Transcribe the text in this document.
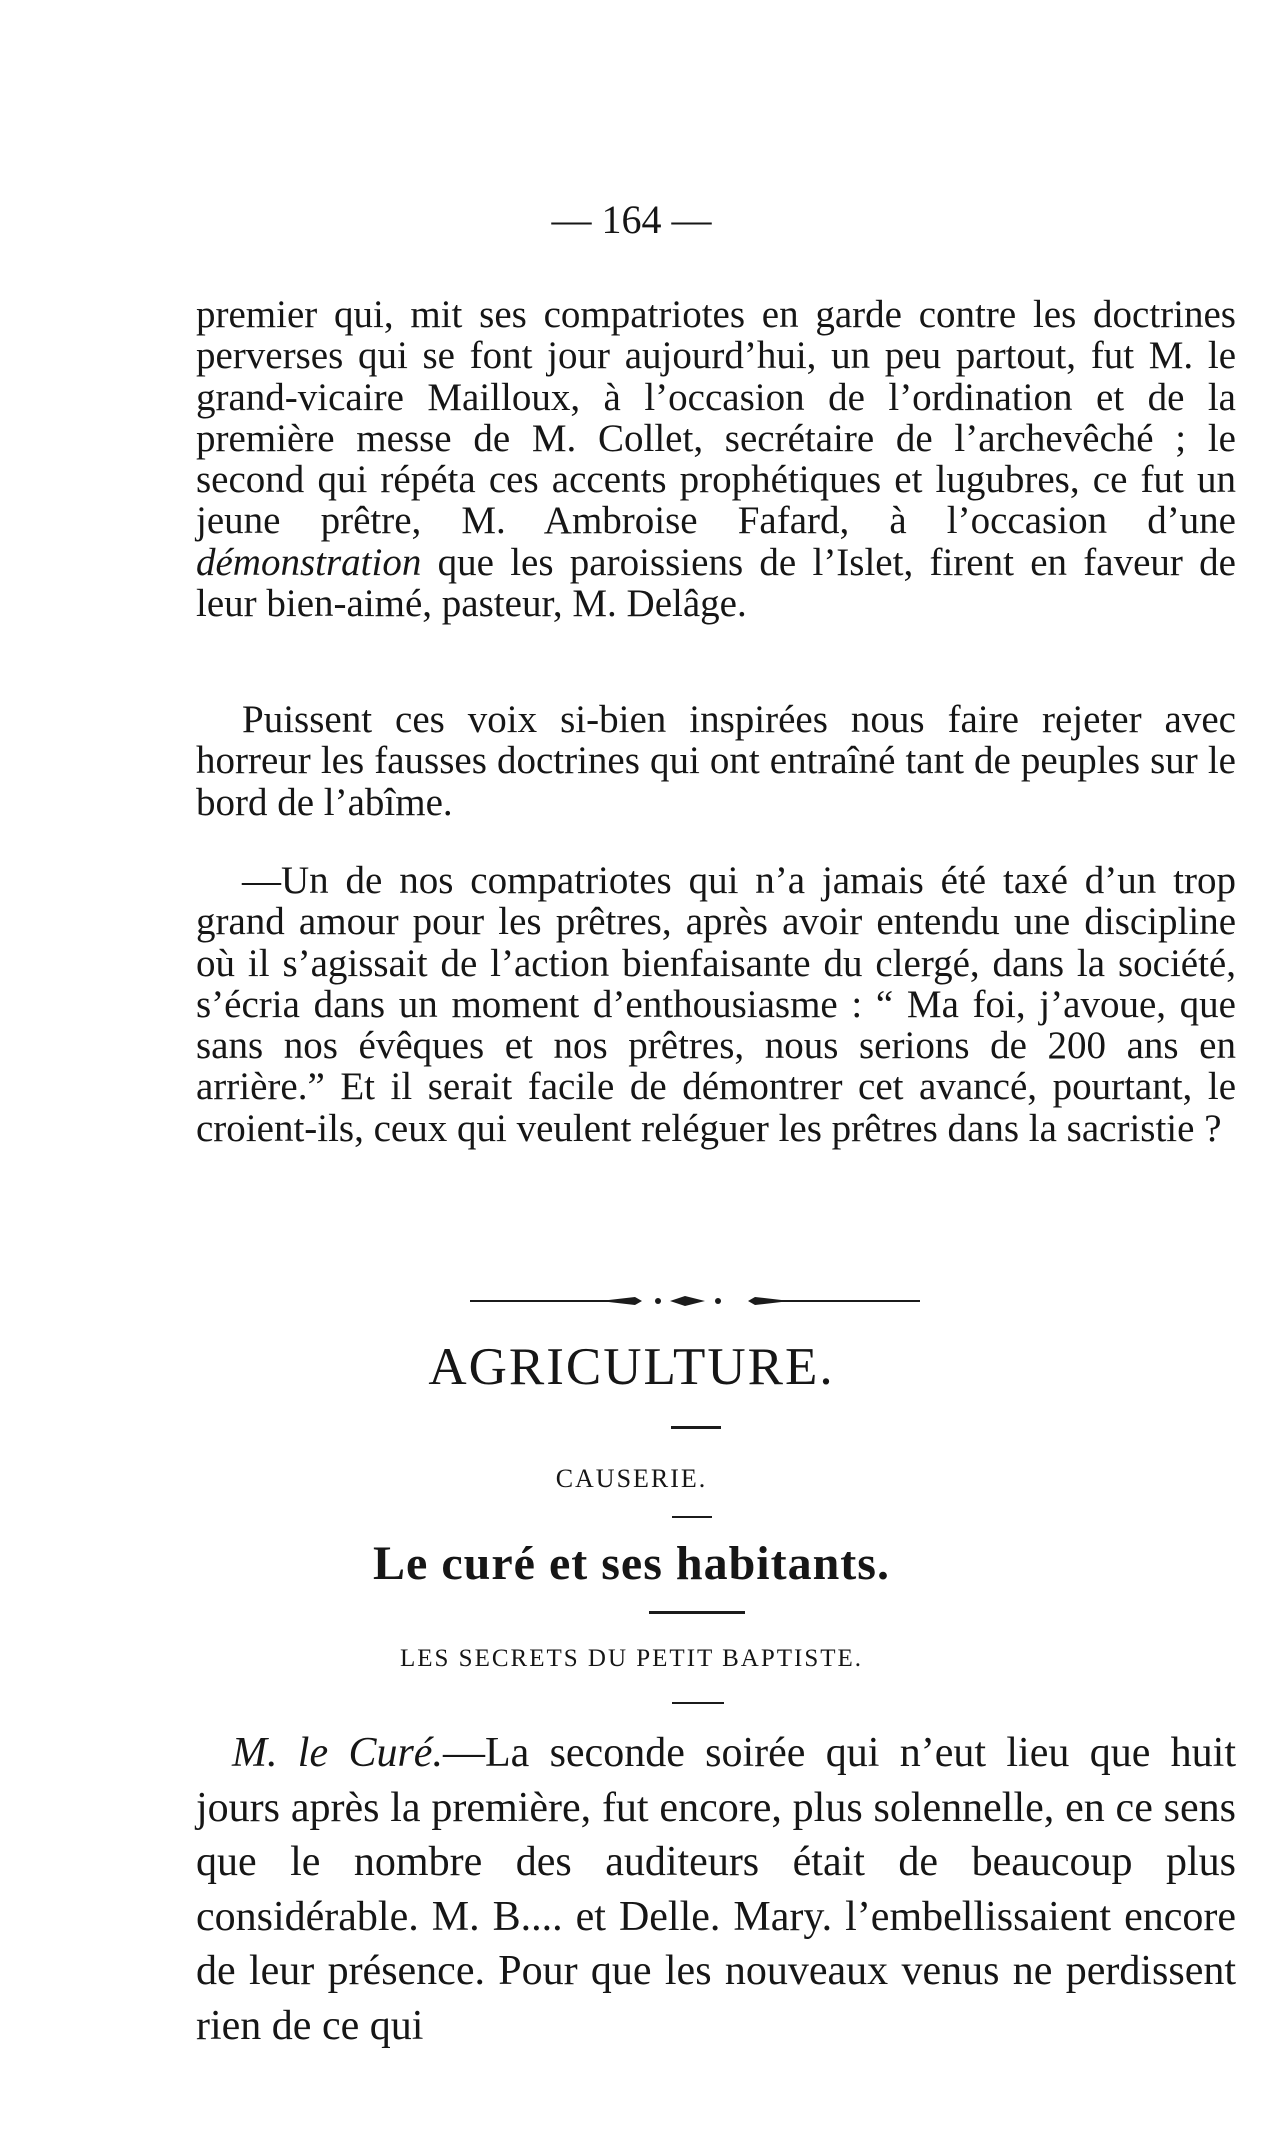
— 164 —

premier qui, mit ses compatriotes en garde contre les doctrines perverses qui se font jour aujourd’hui, un peu partout, fut M. le grand-vicaire Mailloux, à l’occasion de l’ordination et de la première messe de M. Collet, secrétaire de l’archevêché ; le second qui répéta ces accents prophétiques et lugubres, ce fut un jeune prêtre, M. Ambroise Fafard, à l’occasion d’une démonstration que les paroissiens de l’Islet, firent en faveur de leur bien-aimé, pasteur, M. Delâge.

Puissent ces voix si-bien inspirées nous faire rejeter avec horreur les fausses doctrines qui ont entraîné tant de peuples sur le bord de l’abîme.

—Un de nos compatriotes qui n’a jamais été taxé d’un trop grand amour pour les prêtres, après avoir entendu une discipline où il s’agissait de l’action bienfaisante du clergé, dans la société, s’écria dans un moment d’enthousiasme : “ Ma foi, j’avoue, que sans nos évêques et nos prêtres, nous serions de 200 ans en arrière.” Et il serait facile de démontrer cet avancé, pourtant, le croient-ils, ceux qui veulent reléguer les prêtres dans la sacristie ?

AGRICULTURE.
CAUSERIE.
Le curé et ses habitants.
LES SECRETS DU PETIT BAPTISTE.

M. le Curé.—La seconde soirée qui n’eut lieu que huit jours après la première, fut encore, plus solennelle, en ce sens que le nombre des auditeurs était de beaucoup plus considérable. M. B.... et Delle. Mary. l’embellissaient encore de leur présence. Pour que les nouveaux venus ne perdissent rien de ce qui
